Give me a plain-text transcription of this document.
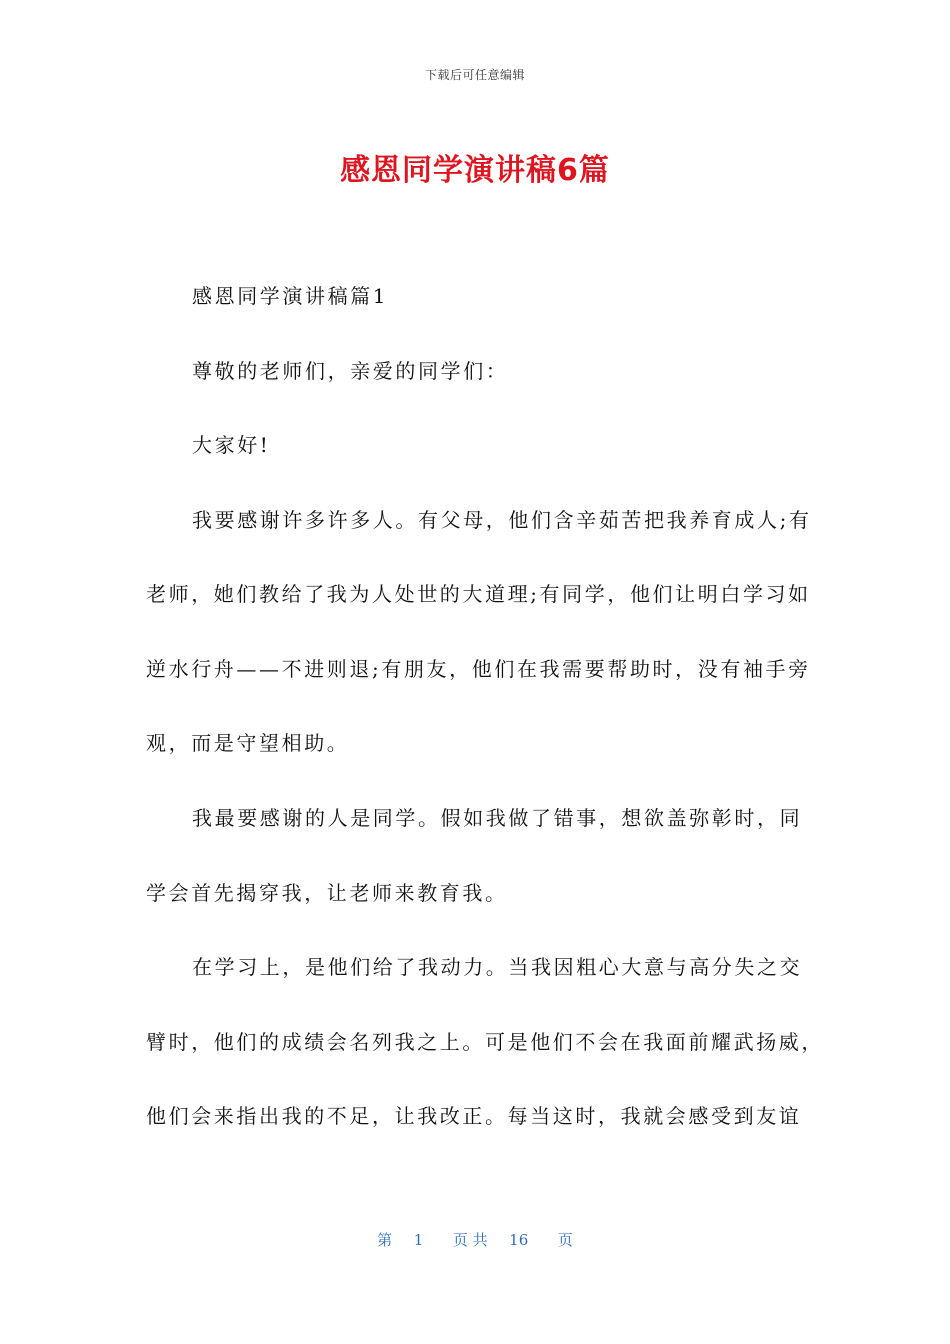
下载后可任意编辑
感恩同学演讲稿6篇

感恩同学演讲稿篇1

尊敬的老师们，亲爱的同学们：

大家好!

我要感谢许多许多人。有父母，他们含辛茹苦把我养育成人;有

老师，她们教给了我为人处世的大道理;有同学，他们让明白学习如

逆水行舟——不进则退;有朋友，他们在我需要帮助时，没有袖手旁

观，而是守望相助。

我最要感谢的人是同学。假如我做了错事，想欲盖弥彰时，同

学会首先揭穿我，让老师来教育我。

在学习上，是他们给了我动力。当我因粗心大意与高分失之交

臂时，他们的成绩会名列我之上。可是他们不会在我面前耀武扬威，

他们会来指出我的不足，让我改正。每当这时，我就会感受到友谊

第 1 页 共 16 页
